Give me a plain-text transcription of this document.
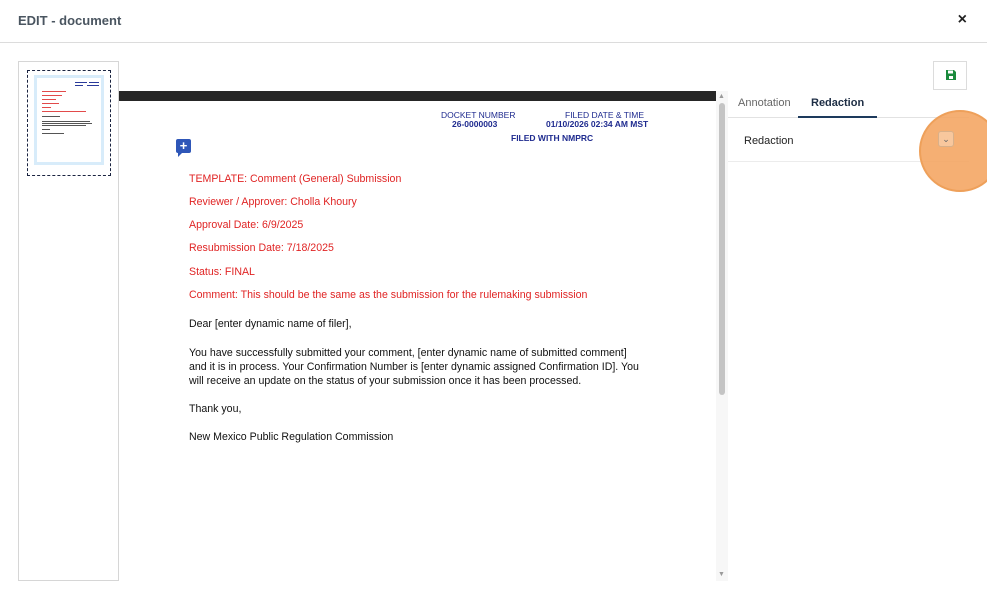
EDIT - document	×
DOCKET NUMBER
26-0000003
FILED DATE & TIME
01/10/2026 02:34 AM MST
FILED WITH NMPRC
+
TEMPLATE: Comment (General) Submission
Reviewer / Approver: Cholla Khoury
Approval Date: 6/9/2025
Resubmission Date: 7/18/2025
Status: FINAL
Comment: This should be the same as the submission for the rulemaking submission
Dear [enter dynamic name of filer],
You have successfully submitted your comment, [enter dynamic name of submitted comment]
and it is in process. Your Confirmation Number is [enter dynamic assigned Confirmation ID]. You
will receive an update on the status of your submission once it has been processed.
Thank you,
New Mexico Public Regulation Commission
▲
▼
Annotation	Redaction
Redaction	⌄
